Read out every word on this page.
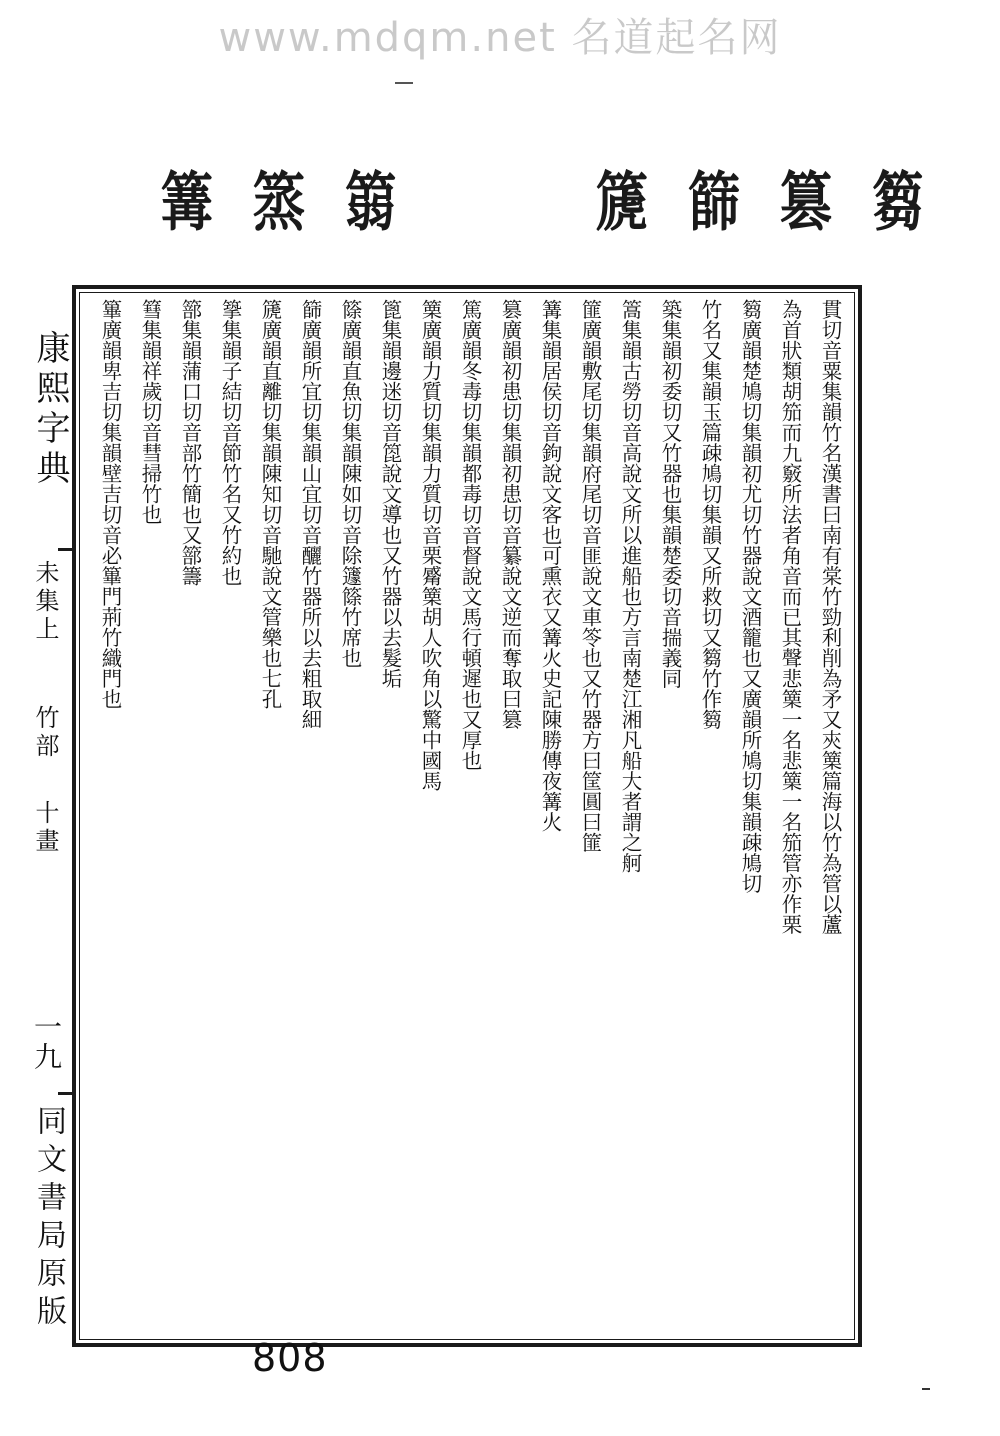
www.mdqm.net 名道起名网
篘
篡
篩
篪
篛
篜
篝
康熙字典
未集上
竹部
十畫
一九
同文書局原版
貫切音粟集韻竹名漢書曰南有棠竹勁利削為矛又㚒篥篇海以竹為管以蘆
為首狀類胡笳而九竅所法者角音而已其聲悲篥一名悲篥一名笳管亦作栗
篘廣韻楚鳩切集韻初尤切竹器說文酒籠也又廣韻所鳩切集韻疎鳩切
竹名又集韻玉篇疎鳩切集韻又所救切又篘竹作篘
築集韻初委切又竹器也集韻楚委切音揣義同
篙集韻古勞切音高說文所以進船也方言南楚江湘凡船大者謂之舸
篚廣韻敷尾切集韻府尾切音匪說文車笭也又竹器方曰筐圓曰篚
篝集韻居侯切音鉤說文客也可熏衣又篝火史記陳勝傳夜篝火
篡廣韻初患切集韻初患切音纂說文逆而奪取曰篡
篤廣韻冬毒切集韻都毒切音督說文馬行頓遲也又厚也
篥廣韻力質切集韻力質切音栗觱篥胡人吹角以驚中國馬
篦集韻邊迷切音箆說文導也又竹器以去髮垢
篨廣韻直魚切集韻陳如切音除籧篨竹席也
篩廣韻所宜切集韻山宜切音釃竹器所以去粗取細
篪廣韻直離切集韻陳知切音馳說文管樂也七孔
篫集韻子結切音節竹名又竹約也
篰集韻蒲口切音部竹簡也又篰籌
篲集韻祥歲切音彗掃竹也
篳廣韻卑吉切集韻壁吉切音必篳門荊竹織門也
808
